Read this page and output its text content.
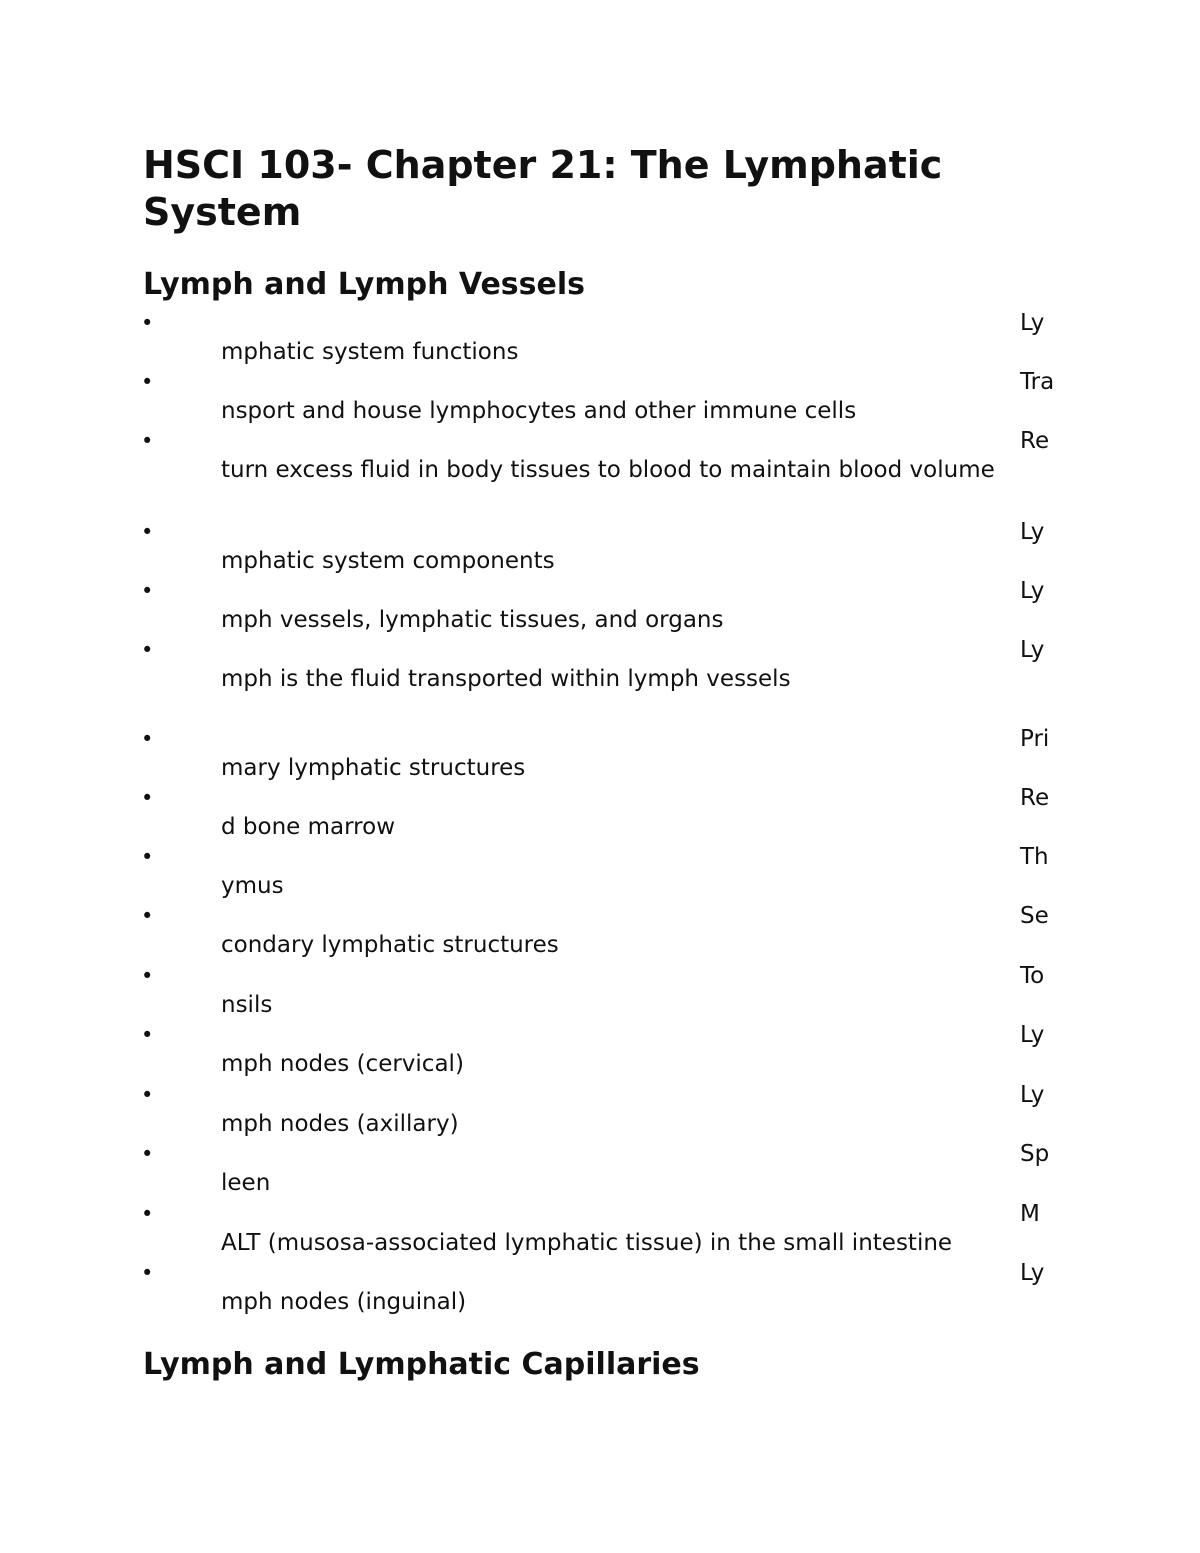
HSCI 103- Chapter 21: The Lymphatic System
Lymph and Lymph Vessels
•	Ly
mphatic system functions
•	Tra
nsport and house lymphocytes and other immune cells
•	Re
turn excess fluid in body tissues to blood to maintain blood volume
•	Ly
mphatic system components
•	Ly
mph vessels, lymphatic tissues, and organs
•	Ly
mph is the fluid transported within lymph vessels
•	Pri
mary lymphatic structures
•	Re
d bone marrow
•	Th
ymus
•	Se
condary lymphatic structures
•	To
nsils
•	Ly
mph nodes (cervical)
•	Ly
mph nodes (axillary)
•	Sp
leen
•	M
ALT (musosa-associated lymphatic tissue) in the small intestine
•	Ly
mph nodes (inguinal)
Lymph and Lymphatic Capillaries
